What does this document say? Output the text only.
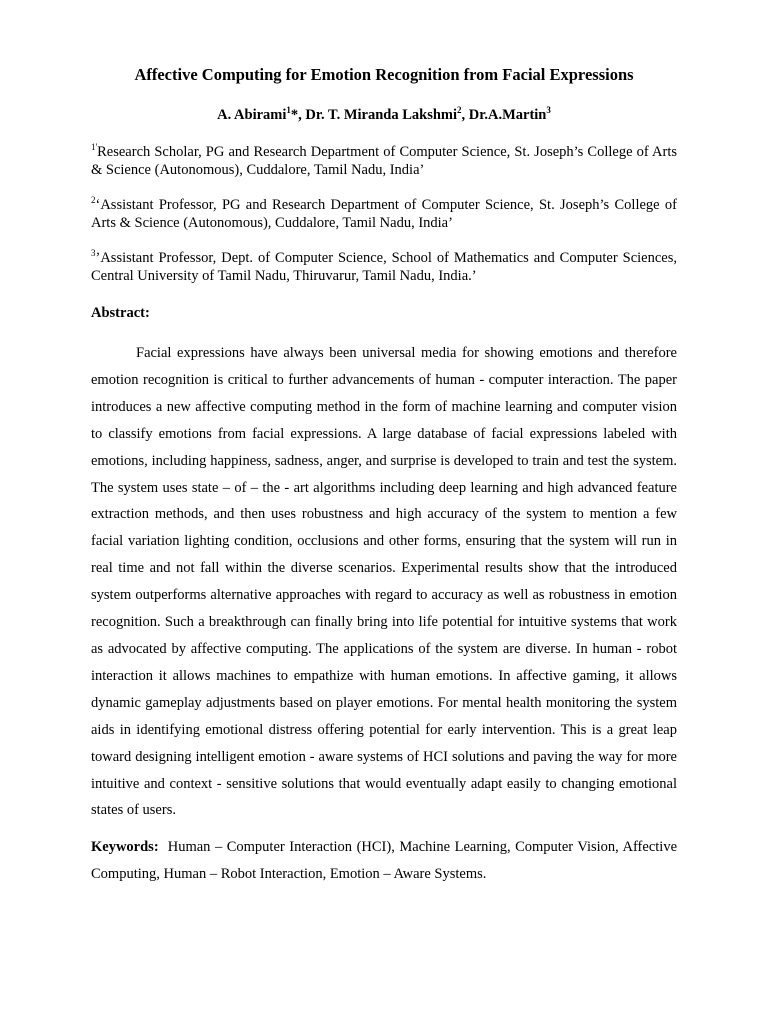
Affective Computing for Emotion Recognition from Facial Expressions
A. Abirami$^1$*, Dr. T. Miranda Lakshmi$^2$, Dr.A.Martin$^3$
$^{1'}$Research Scholar, PG and Research Department of Computer Science, St. Joseph’s College of Arts & Science (Autonomous), Cuddalore, Tamil Nadu, India’
$^2$‘Assistant Professor, PG and Research Department of Computer Science, St. Joseph’s College of Arts & Science (Autonomous), Cuddalore, Tamil Nadu, India’
$^3$’Assistant Professor, Dept. of Computer Science, School of Mathematics and Computer Sciences, Central University of Tamil Nadu, Thiruvarur, Tamil Nadu, India.’
Abstract:

Facial expressions have always been universal media for showing emotions and therefore emotion recognition is critical to further advancements of human - computer interaction. The paper introduces a new affective computing method in the form of machine learning and computer vision to classify emotions from facial expressions. A large database of facial expressions labeled with emotions, including happiness, sadness, anger, and surprise is developed to train and test the system. The system uses state – of – the - art algorithms including deep learning and high advanced feature extraction methods, and then uses robustness and high accuracy of the system to mention a few facial variation lighting condition, occlusions and other forms, ensuring that the system will run in real time and not fall within the diverse scenarios. Experimental results show that the introduced system outperforms alternative approaches with regard to accuracy as well as robustness in emotion recognition. Such a breakthrough can finally bring into life potential for intuitive systems that work as advocated by affective computing. The applications of the system are diverse. In human - robot interaction it allows machines to empathize with human emotions. In affective gaming, it allows dynamic gameplay adjustments based on player emotions. For mental health monitoring the system aids in identifying emotional distress offering potential for early intervention. This is a great leap toward designing intelligent emotion - aware systems of HCI solutions and paving the way for more intuitive and context - sensitive solutions that would eventually adapt easily to changing emotional states of users.

Keywords: Human – Computer Interaction (HCI), Machine Learning, Computer Vision, Affective Computing, Human – Robot Interaction, Emotion – Aware Systems.
